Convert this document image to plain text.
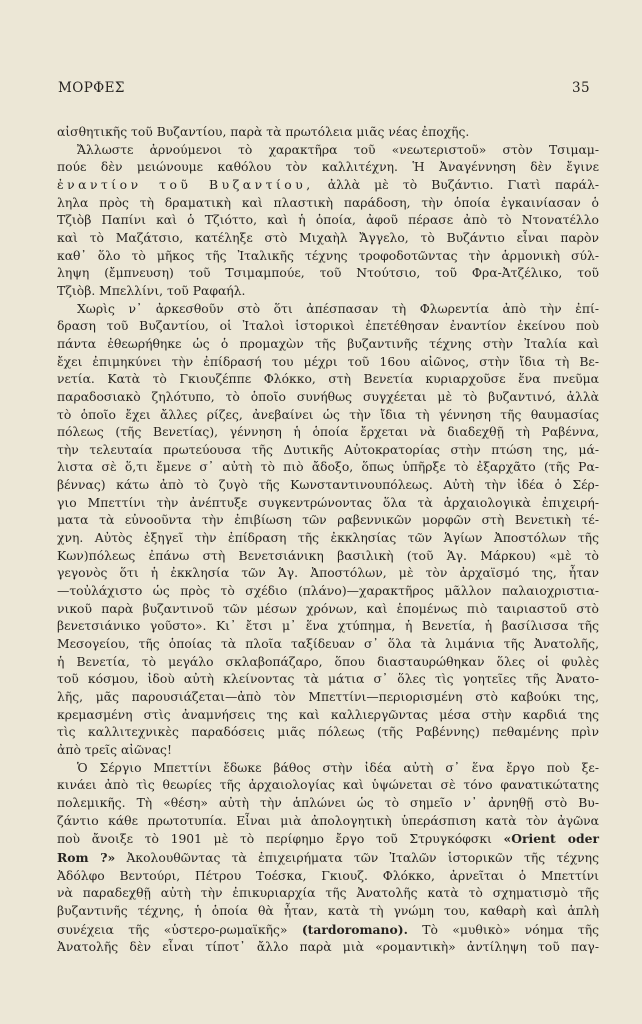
ΜΟΡΦΕΣ	35
αἰσθητικῆς τοῦ Βυζαντίου, παρὰ τὰ πρωτόλεια μιᾶς νέας ἐποχῆς.
Ἄλλωστε ἀρνούμενοι τὸ χαρακτῆρα τοῦ «νεωτεριστοῦ» στὸν Τσιμαμ-
πούε δὲν μειώνουμε καθόλου τὸν καλλιτέχνη. Ἡ Ἀναγέννηση δὲν ἔγινε
ἐναντίον τοῦ Βυζαντίου, ἀλλὰ μὲ τὸ Βυζάντιο. Γιατὶ παράλ-
ληλα πρὸς τὴ δραματικὴ καὶ πλαστικὴ παράδοση, τὴν ὁποία ἐγκαινίασαν ὁ
Τζιὸβ Παπίνι καὶ ὁ Τζιόττο, καὶ ἡ ὁποία, ἀφοῦ πέρασε ἀπὸ τὸ Ντονατέλλο
καὶ τὸ Μαζάτσιο, κατέληξε στὸ Μιχαὴλ Ἄγγελο, τὸ Βυζάντιο εἶναι παρὸν
καθ᾽ ὅλο τὸ μῆκος τῆς Ἰταλικῆς τέχνης τροφοδοτῶντας τὴν ἁρμονικὴ σύλ-
ληψη (ἔμπνευση) τοῦ Τσιμαμπούε, τοῦ Ντούτσιο, τοῦ Φρα-Ἀτζέλικο, τοῦ
Τζιὸβ. Μπελλίνι, τοῦ Ραφαήλ.
Χωρὶς ν᾽ ἀρκεσθοῦν στὸ ὅτι ἀπέσπασαν τὴ Φλωρεντία ἀπὸ τὴν ἐπί-
δραση τοῦ Βυζαντίου, οἱ Ἰταλοὶ ἱστορικοὶ ἐπετέθησαν ἐναντίον ἐκείνου ποὺ
πάντα ἐθεωρήθηκε ὡς ὁ προμαχὼν τῆς βυζαντινῆς τέχνης στὴν Ἰταλία καὶ
ἔχει ἐπιμηκύνει τὴν ἐπίδρασή του μέχρι τοῦ 16ου αἰῶνος, στὴν ἴδια τὴ Βε-
νετία. Κατὰ τὸ Γκιουζέππε Φλόκκο, στὴ Βενετία κυριαρχοῦσε ἕνα πνεῦμα
παραδοσιακὸ ζηλότυπο, τὸ ὁποῖο συνήθως συγχέεται μὲ τὸ βυζαντινό, ἀλλὰ
τὸ ὁποῖο ἔχει ἄλλες ρίζες, ἀνεβαίνει ὡς τὴν ἴδια τὴ γέννηση τῆς θαυμασίας
πόλεως (τῆς Βενετίας), γέννηση ἡ ὁποία ἔρχεται νὰ διαδεχθῇ τὴ Ραβέννα,
τὴν τελευταία πρωτεύουσα τῆς Δυτικῆς Αὐτοκρατορίας στὴν πτώση της, μά-
λιστα σὲ ὅ,τι ἔμενε σ᾽ αὐτὴ τὸ πιὸ ἄδοξο, ὅπως ὑπῆρξε τὸ ἐξαρχᾶτο (τῆς Ρα-
βέννας) κάτω ἀπὸ τὸ ζυγὸ τῆς Κωνσταντινουπόλεως. Αὐτὴ τὴν ἰδέα ὁ Σέρ-
γιο Μπεττίνι τὴν ἀνέπτυξε συγκεντρώνοντας ὅλα τὰ ἀρχαιολογικὰ ἐπιχειρή-
ματα τὰ εὐνοοῦντα τὴν ἐπιβίωση τῶν ραβεννικῶν μορφῶν στὴ Βενετικὴ τέ-
χνη. Αὐτὸς ἐξηγεῖ τὴν ἐπίδραση τῆς ἐκκλησίας τῶν Ἁγίων Ἀποστόλων τῆς
Κων)πόλεως ἐπάνω στὴ Βενετσιάνικη βασιλικὴ (τοῦ Ἁγ. Μάρκου) «μὲ τὸ
γεγονὸς ὅτι ἡ ἐκκλησία τῶν Ἁγ. Ἀποστόλων, μὲ τὸν ἀρχαϊσμό της, ἦταν
—τοὐλάχιστο ὡς πρὸς τὸ σχέδιο (πλάνο)—χαρακτῆρος μᾶλλον παλαιοχριστια-
νικοῦ παρὰ βυζαντινοῦ τῶν μέσων χρόνων, καὶ ἑπομένως πιὸ ταιριαστοῦ στὸ
βενετσιάνικο γοῦστο». Κι᾽ ἔτσι μ᾽ ἕνα χτύπημα, ἡ Βενετία, ἡ βασίλισσα τῆς
Μεσογείου, τῆς ὁποίας τὰ πλοῖα ταξίδευαν σ᾽ ὅλα τὰ λιμάνια τῆς Ἀνατολῆς,
ἡ Βενετία, τὸ μεγάλο σκλαβοπάζαρο, ὅπου διασταυρώθηκαν ὅλες οἱ φυλὲς
τοῦ κόσμου, ἰδοὺ αὐτὴ κλείνοντας τὰ μάτια σ᾽ ὅλες τὶς γοητεῖες τῆς Ἀνατο-
λῆς, μᾶς παρουσιάζεται—ἀπὸ τὸν Μπεττίνι—περιορισμένη στὸ καβούκι της,
κρεμασμένη στὶς ἀναμνήσεις της καὶ καλλιεργῶντας μέσα στὴν καρδιά της
τὶς καλλιτεχνικὲς παραδόσεις μιᾶς πόλεως (τῆς Ραβέννης) πεθαμένης πρὶν
ἀπὸ τρεῖς αἰῶνας!
Ὁ Σέργιο Μπεττίνι ἔδωκε βάθος στὴν ἰδέα αὐτὴ σ᾽ ἕνα ἔργο ποὺ ξε-
κινάει ἀπὸ τὶς θεωρίες τῆς ἀρχαιολογίας καὶ ὑψώνεται σὲ τόνο φανατικώτατης
πολεμικῆς. Τὴ «θέση» αὐτὴ τὴν ἁπλώνει ὡς τὸ σημεῖο ν᾽ ἀρνηθῇ στὸ Βυ-
ζάντιο κάθε πρωτοτυπία. Εἶναι μιὰ ἀπολογητικὴ ὑπεράσπιση κατὰ τὸν ἀγῶνα
ποὺ ἄνοιξε τὸ 1901 μὲ τὸ περίφημο ἔργο τοῦ Στρυγκόφσκι «Orient oder
Rom ?» Ἀκολουθῶντας τὰ ἐπιχειρήματα τῶν Ἰταλῶν ἱστορικῶν τῆς τέχνης
Ἀδόλφο Βεντούρι, Πέτρου Τοέσκα, Γκιουζ. Φλόκκο, ἀρνεῖται ὁ Μπεττίνι
νὰ παραδεχθῇ αὐτὴ τὴν ἐπικυριαρχία τῆς Ἀνατολῆς κατὰ τὸ σχηματισμὸ τῆς
βυζαντινῆς τέχνης, ἡ ὁποία θὰ ἦταν, κατὰ τὴ γνώμη του, καθαρὴ καὶ ἁπλὴ
συνέχεια τῆς «ὑστερο-ρωμαϊκῆς» (tardoromano). Τὸ «μυθικὸ» νόημα τῆς
Ἀνατολῆς δὲν εἶναι τίποτ᾽ ἄλλο παρὰ μιὰ «ρομαντικὴ» ἀντίληψη τοῦ παγ-
